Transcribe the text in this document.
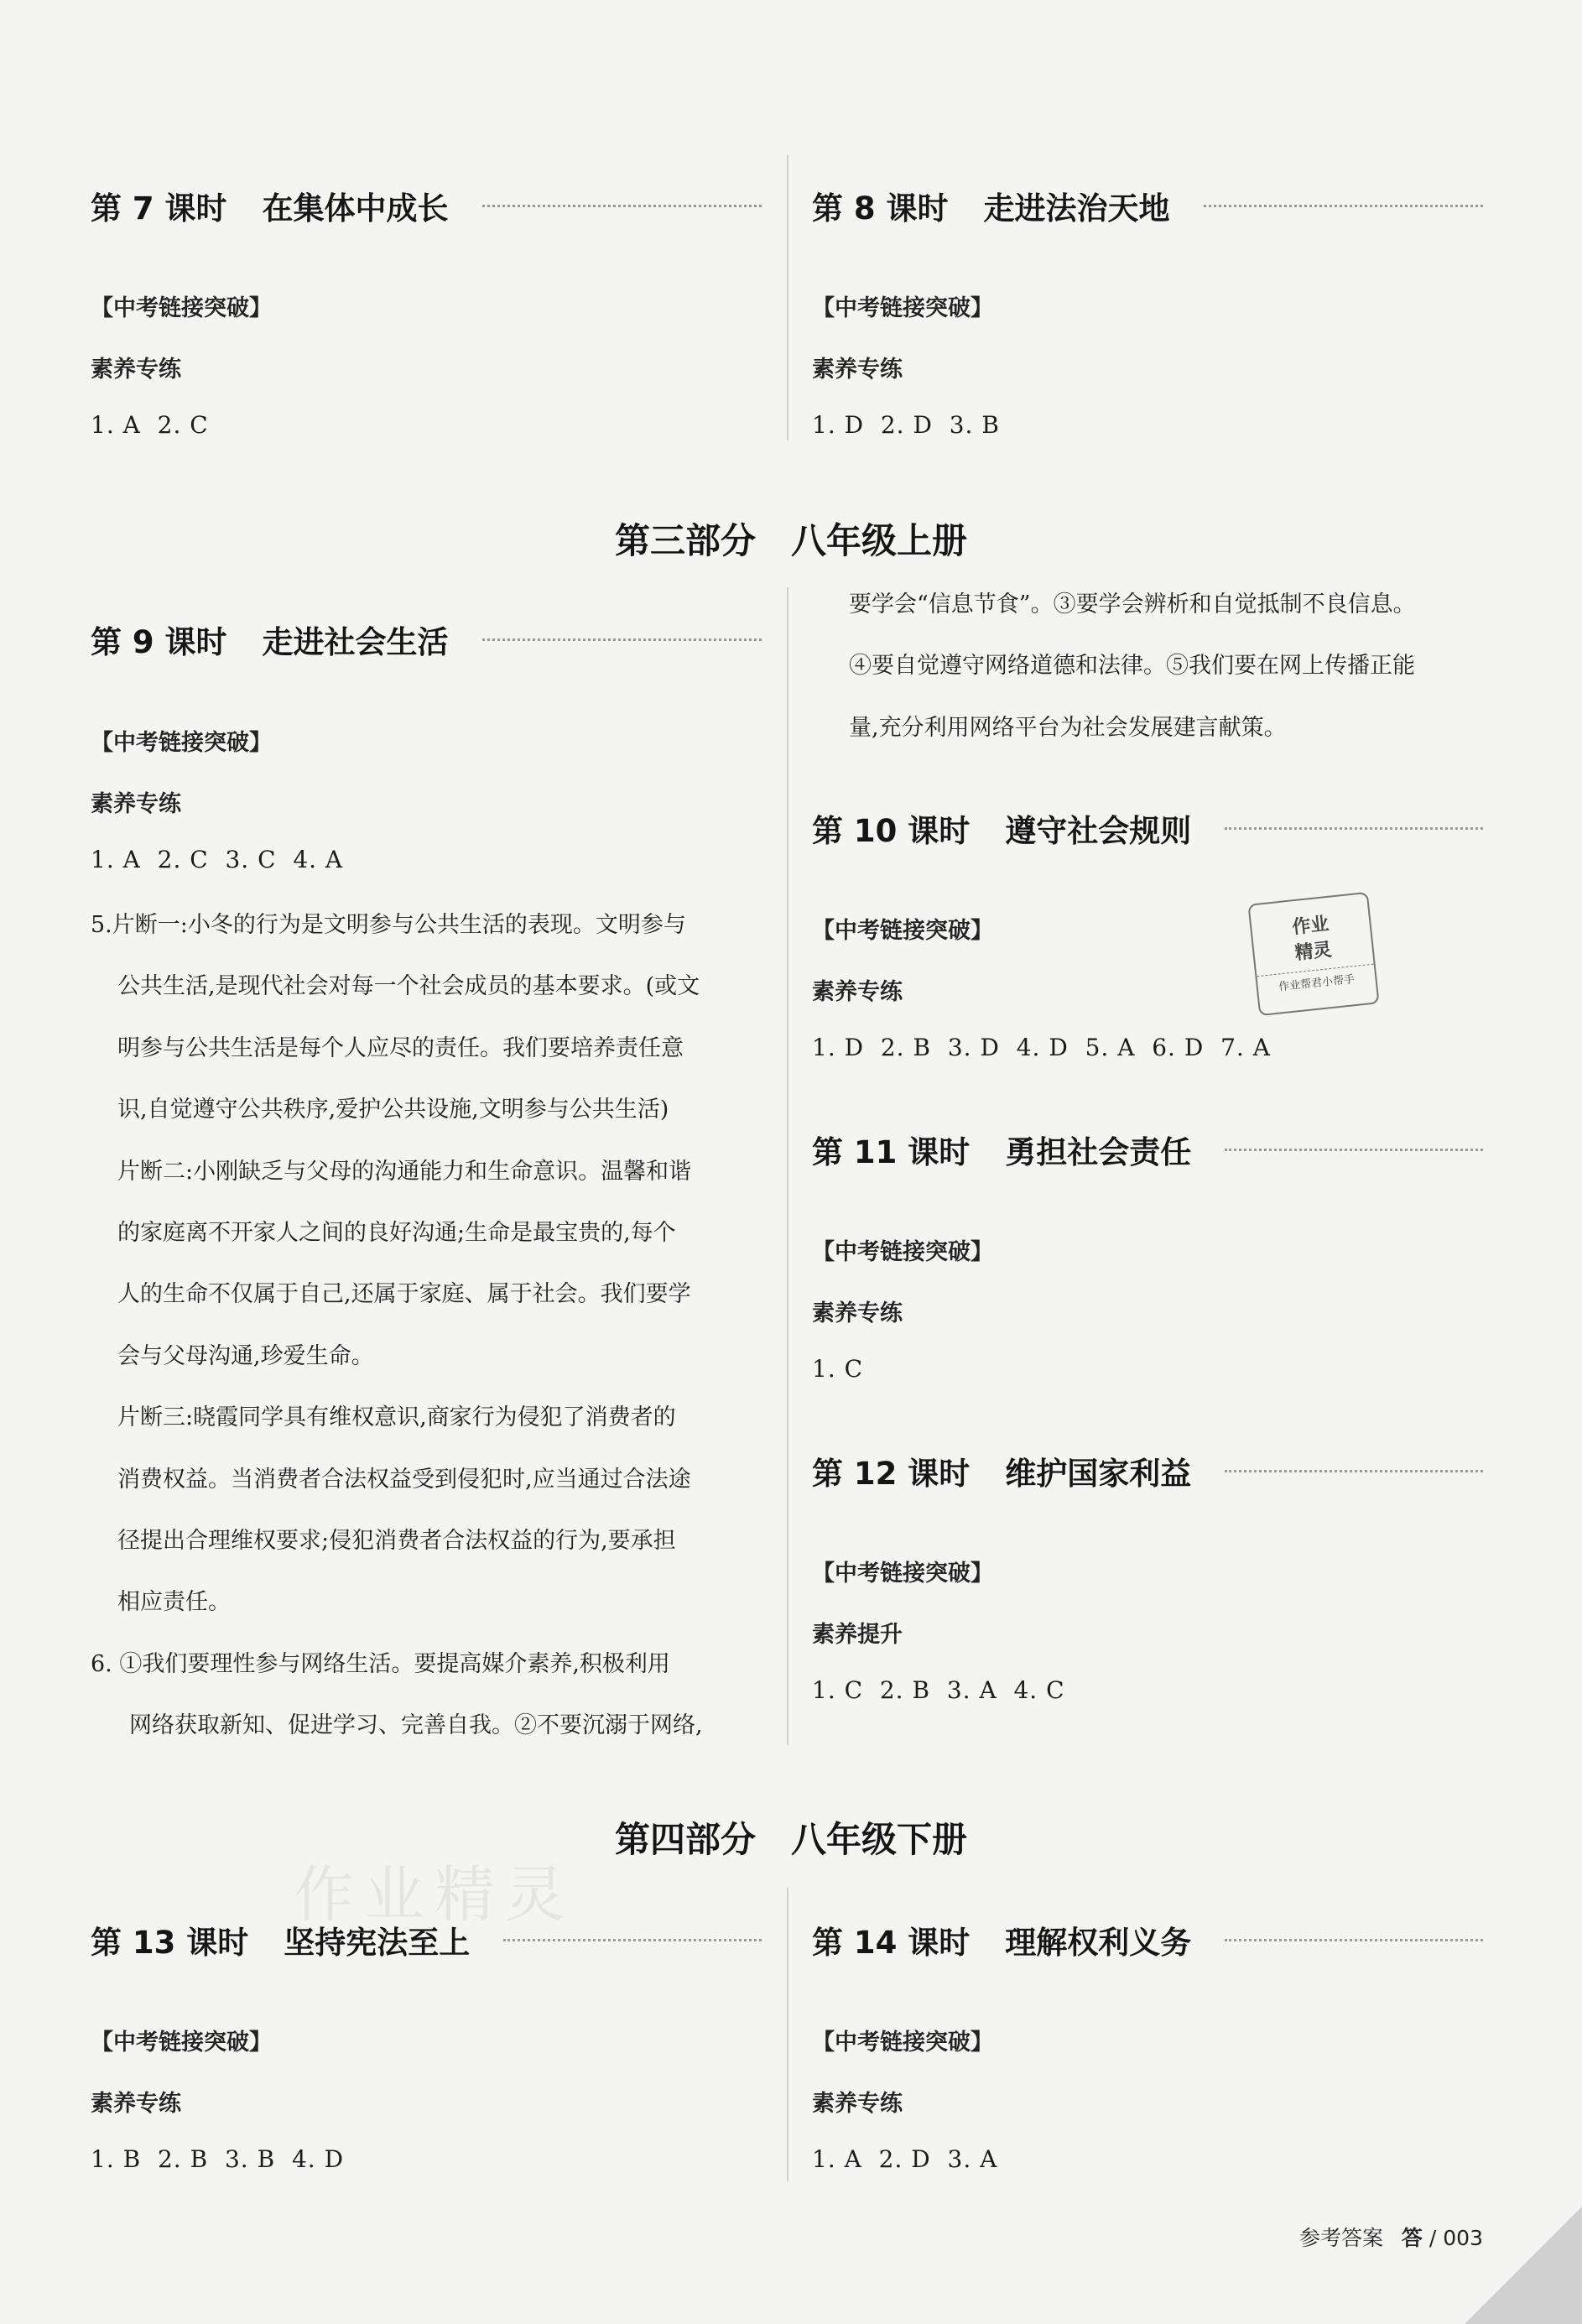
第 7 课时 在集体中成长
【中考链接突破】
素养专练
1. A  2. C
第 8 课时 走进法治天地
【中考链接突破】
素养专练
1. D  2. D  3. B
第三部分　八年级上册
第 9 课时 走进社会生活
【中考链接突破】
素养专练
1. A  2. C  3. C  4. A
5.片断一:小冬的行为是文明参与公共生活的表现。文明参与
公共生活,是现代社会对每一个社会成员的基本要求。(或文
明参与公共生活是每个人应尽的责任。我们要培养责任意
识,自觉遵守公共秩序,爱护公共设施,文明参与公共生活)
片断二:小刚缺乏与父母的沟通能力和生命意识。温馨和谐
的家庭离不开家人之间的良好沟通;生命是最宝贵的,每个
人的生命不仅属于自己,还属于家庭、属于社会。我们要学
会与父母沟通,珍爱生命。
片断三:晓霞同学具有维权意识,商家行为侵犯了消费者的
消费权益。当消费者合法权益受到侵犯时,应当通过合法途
径提出合理维权要求;侵犯消费者合法权益的行为,要承担
相应责任。
6. ①我们要理性参与网络生活。要提高媒介素养,积极利用
网络获取新知、促进学习、完善自我。②不要沉溺于网络,
要学会“信息节食”。③要学会辨析和自觉抵制不良信息。
④要自觉遵守网络道德和法律。⑤我们要在网上传播正能
量,充分利用网络平台为社会发展建言献策。
第 10 课时 遵守社会规则
【中考链接突破】
素养专练
1. D  2. B  3. D  4. D  5. A  6. D  7. A
作业
精灵
作业帮君小帮手
第 11 课时 勇担社会责任
【中考链接突破】
素养专练
1. C
第 12 课时 维护国家利益
【中考链接突破】
素养提升
1. C  2. B  3. A  4. C
第四部分　八年级下册
作业精灵
第 13 课时 坚持宪法至上
【中考链接突破】
素养专练
1. B  2. B  3. B  4. D
第 14 课时 理解权利义务
【中考链接突破】
素养专练
1. A  2. D  3. A
参考答案 答 / 003
